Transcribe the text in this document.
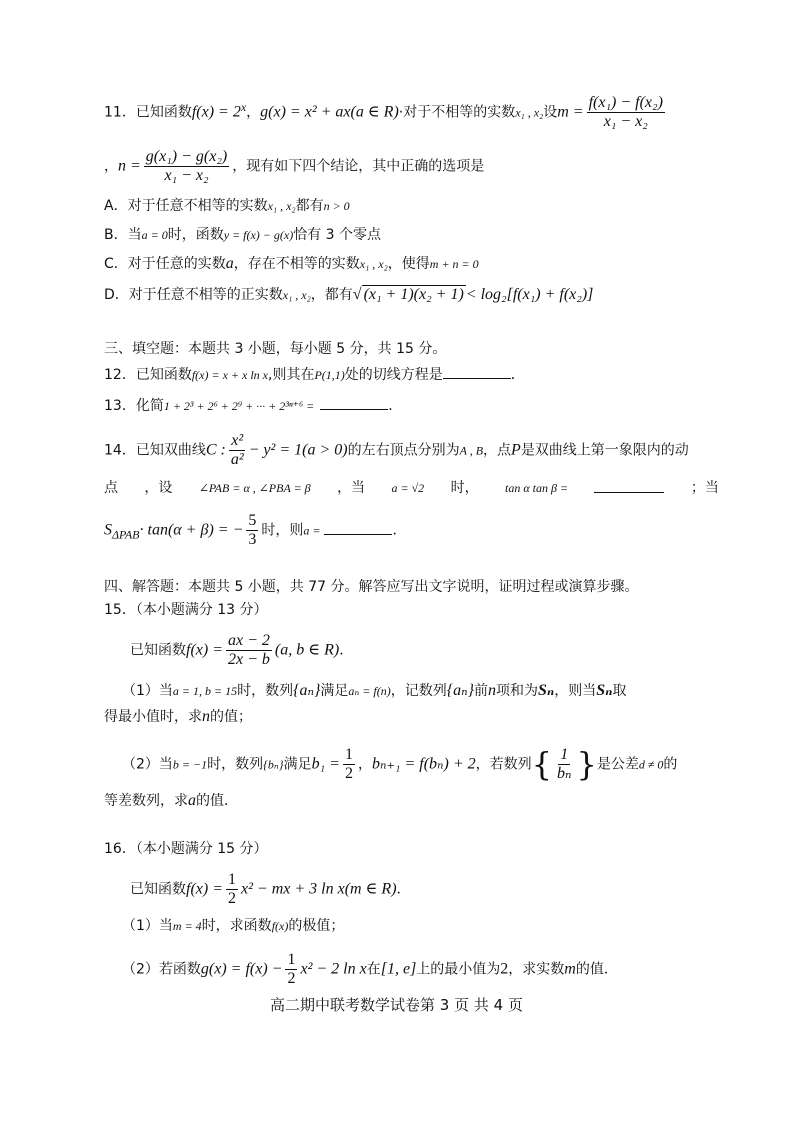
11．已知函数$f(x) = 2^x$，g(x) = x² + ax(a ∈ R)·对于不相等的实数x₁ , x₂设$m = \frac{\text{f(x₁) − f(x₂)}}{\text{x₁ − x₂}}$
，$n = \frac{\text{g(x₁) − g(x₂)}}{\text{x₁ − x₂}}$ ，现有如下四个结论，其中正确的选项是
A．对于任意不相等的实数x₁ , x₂都有n > 0
B．当a = 0时，函数y = f(x) − g(x)恰有 3 个零点
C．对于任意的实数a，存在不相等的实数x₁ , x₂，使得m + n = 0
D．对于任意不相等的正实数x₁ , x₂，都有√ (x₁ + 1)(x₂ + 1) < log₂[f(x₁) + f(x₂)]
三、填空题：本题共 3 小题，每小题 5 分，共 15 分。
12．已知函数f(x) = x + x ln x,则其在P(1,1)处的切线方程是	．
13．化简1 + 2³ + 2⁶ + 2⁹ + ··· + 2³ⁿ⁺⁶ =	．
14．已知双曲线C : $\frac{\text{x²}}{\text{a²}} - y^2 = 1(a > 0)$的左右顶点分别为A , B，点P是双曲线上第一象限内的动
点 ，设 ∠PAB = α , ∠PBA = β ，当 a = √2 时， tan α tan β =	；当
$S_{\Delta PAB}\cdot \tan(\alpha + \beta)$ = − $\frac{5}{3}$ 时，则a =	．
四、解答题：本题共 5 小题，共 77 分。解答应写出文字说明，证明过程或演算步骤。
15．（本小题满分 13 分）
已知函数$f(x) = \frac{ax - 2}{2x - b} (a$, b ∈ R)．
（1）当a = 1, b = 15时，数列{aₙ}满足aₙ = f(n)，记数列{aₙ}前n项和为Sₙ，则当Sₙ取
得最小值时，求n的值；
（2）当b = −1时，数列{bₙ}满足$b_1 = \frac{1}{2}$ ，bₙ₊₁ = f(bₙ) + 2，若数列{ $\frac{1}{\text{bₙ}}$ }是公差d ≠ 0的
等差数列，求a的值．
16．（本小题满分 15 分）
已知函数$f(x) = \frac{1}{2} x^2$ − mx + 3 ln x(m ∈ R)．
（1）当m = 4时，求函数f(x)的极值；
（2）若函数$g(x) = f(x) - \frac{1}{2} x^2 - 2$ ln x在[1, e]上的最小值为2，求实数m的值．
高二期中联考数学试卷第 3 页 共 4 页
